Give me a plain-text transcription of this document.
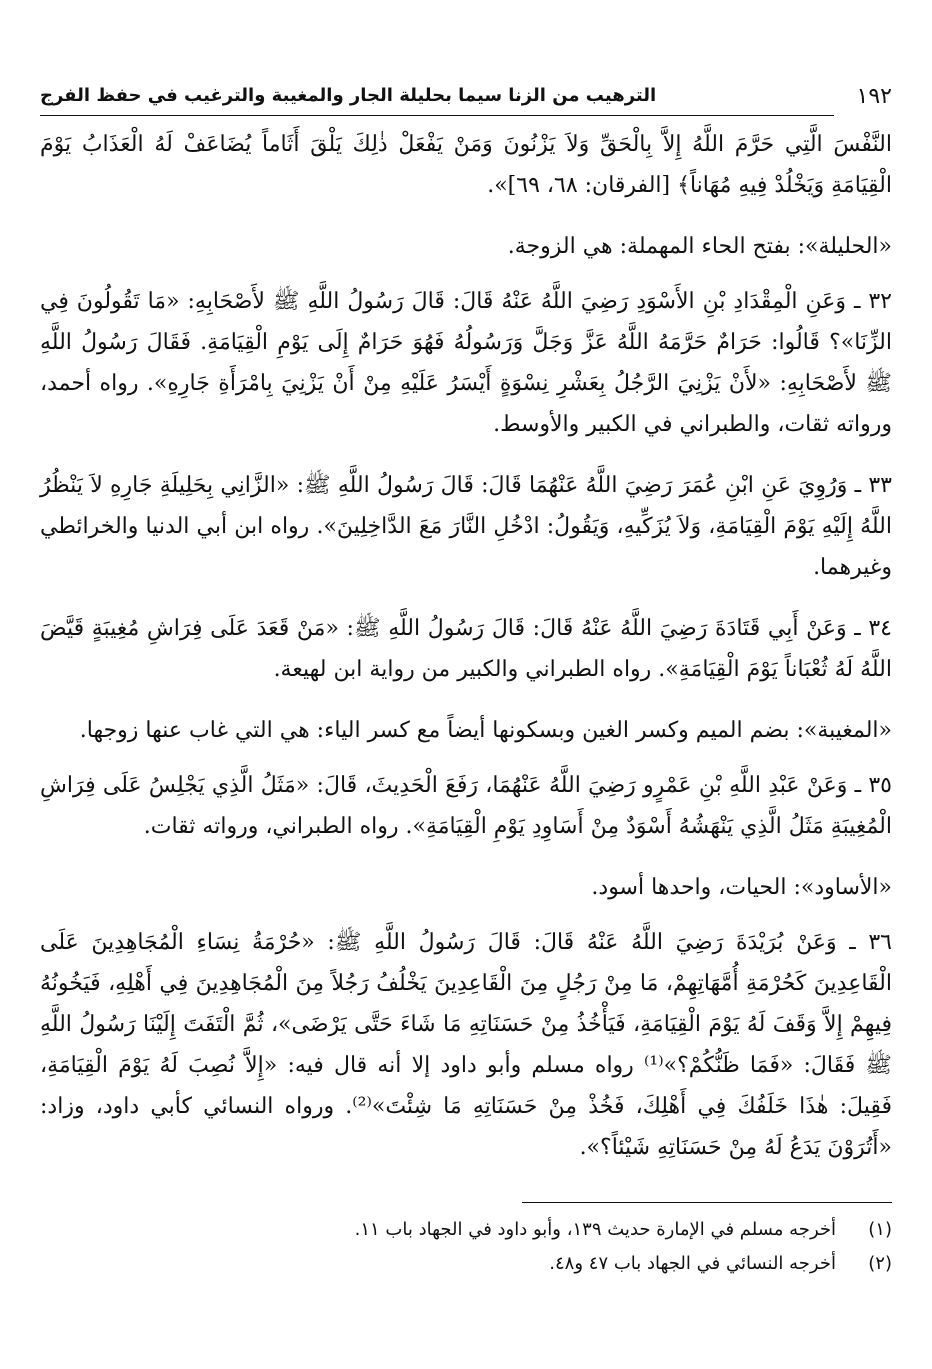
١٩٢
الترهيب من الزنا سيما بحليلة الجار والمغيبة والترغيب في حفظ الفرج

النَّفْسَ الَّتِي حَرَّمَ اللَّهُ إِلاَّ بِالْحَقِّ وَلاَ يَزْنُونَ وَمَنْ يَفْعَلْ ذٰلِكَ يَلْقَ أَثَاماً يُضَاعَفْ لَهُ الْعَذَابُ يَوْمَ الْقِيَامَةِ وَيَخْلُدْ فِيهِ مُهَاناً﴾ [الفرقان: ٦٨، ٦٩]».

«الحليلة»: بفتح الحاء المهملة: هي الزوجة.

٣٢ ـ وَعَنِ الْمِقْدَادِ بْنِ الأَسْوَدِ رَضِيَ اللَّهُ عَنْهُ قَالَ: قَالَ رَسُولُ اللَّهِ ﷺ لأَصْحَابِهِ: «مَا تَقُولُونَ فِي الزِّنَا»؟ قَالُوا: حَرَامٌ حَرَّمَهُ اللَّهُ عَزَّ وَجَلَّ وَرَسُولُهُ فَهُوَ حَرَامٌ إِلَى يَوْمِ الْقِيَامَةِ. فَقَالَ رَسُولُ اللَّهِ ﷺ لأَصْحَابِهِ: «لأَنْ يَزْنِيَ الرَّجُلُ بِعَشْرِ نِسْوَةٍ أَيْسَرُ عَلَيْهِ مِنْ أَنْ يَزْنِيَ بِامْرَأَةِ جَارِهِ». رواه أحمد، ورواته ثقات، والطبراني في الكبير والأوسط.

٣٣ ـ وَرُوِيَ عَنِ ابْنِ عُمَرَ رَضِيَ اللَّهُ عَنْهُمَا قَالَ: قَالَ رَسُولُ اللَّهِ ﷺ: «الزَّانِي بِحَلِيلَةِ جَارِهِ لاَ يَنْظُرُ اللَّهُ إِلَيْهِ يَوْمَ الْقِيَامَةِ، وَلاَ يُزَكِّيهِ، وَيَقُولُ: ادْخُلِ النَّارَ مَعَ الدَّاخِلِينَ». رواه ابن أبي الدنيا والخرائطي وغيرهما.

٣٤ ـ وَعَنْ أَبِي قَتَادَةَ رَضِيَ اللَّهُ عَنْهُ قَالَ: قَالَ رَسُولُ اللَّهِ ﷺ: «مَنْ قَعَدَ عَلَى فِرَاشِ مُغِيبَةٍ قَيَّضَ اللَّهُ لَهُ ثُعْبَاناً يَوْمَ الْقِيَامَةِ». رواه الطبراني والكبير من رواية ابن لهيعة.

«المغيبة»: بضم الميم وكسر الغين وبسكونها أيضاً مع كسر الياء: هي التي غاب عنها زوجها.

٣٥ ـ وَعَنْ عَبْدِ اللَّهِ بْنِ عَمْرٍو رَضِيَ اللَّهُ عَنْهُمَا، رَفَعَ الْحَدِيثَ، قَالَ: «مَثَلُ الَّذِي يَجْلِسُ عَلَى فِرَاشِ الْمُغِيبَةِ مَثَلُ الَّذِي يَنْهَشُهُ أَسْوَدٌ مِنْ أَسَاوِدِ يَوْمِ الْقِيَامَةِ». رواه الطبراني، ورواته ثقات.

«الأساود»: الحيات، واحدها أسود.

٣٦ ـ وَعَنْ بُرَيْدَةَ رَضِيَ اللَّهُ عَنْهُ قَالَ: قَالَ رَسُولُ اللَّهِ ﷺ: «حُرْمَةُ نِسَاءِ الْمُجَاهِدِينَ عَلَى الْقَاعِدِينَ كَحُرْمَةِ أُمَّهَاتِهِمْ، مَا مِنْ رَجُلٍ مِنَ الْقَاعِدِينَ يَخْلُفُ رَجُلاً مِنَ الْمُجَاهِدِينَ فِي أَهْلِهِ، فَيَخُونُهُ فِيهِمْ إِلاَّ وَقَفَ لَهُ يَوْمَ الْقِيَامَةِ، فَيَأْخُذُ مِنْ حَسَنَاتِهِ مَا شَاءَ حَتَّى يَرْضَى»، ثُمَّ الْتَفَتَ إِلَيْنَا رَسُولُ اللَّهِ ﷺ فَقَالَ: «فَمَا ظَنُّكُمْ؟»⁽¹⁾ رواه مسلم وأبو داود إلا أنه قال فيه: «إِلاَّ نُصِبَ لَهُ يَوْمَ الْقِيَامَةِ، فَقِيلَ: هٰذَا خَلَفُكَ فِي أَهْلِكَ، فَخُذْ مِنْ حَسَنَاتِهِ مَا شِئْتَ»⁽²⁾. ورواه النسائي كأبي داود، وزاد: «أَتُرَوْنَ يَدَعُ لَهُ مِنْ حَسَنَاتِهِ شَيْئاً؟».

(١)
أخرجه مسلم في الإمارة حديث ١٣٩، وأبو داود في الجهاد باب ١١.
(٢)
أخرجه النسائي في الجهاد باب ٤٧ و٤٨.
